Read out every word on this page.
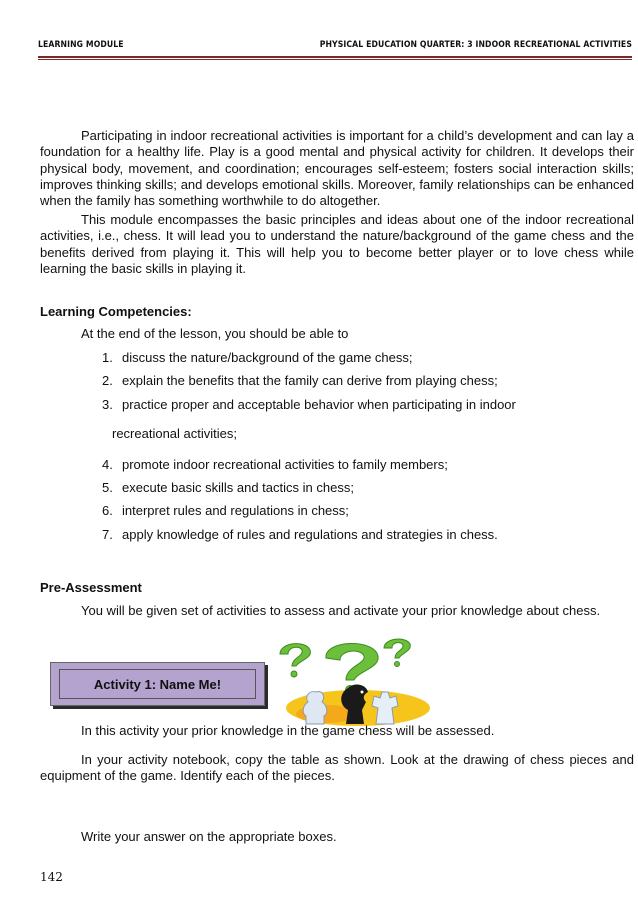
LEARNING MODULE	PHYSICAL EDUCATION QUARTER: 3 INDOOR RECREATIONAL ACTIVITIES

Participating in indoor recreational activities is important for a child’s development and can lay a foundation for a healthy life. Play is a good mental and physical activity for children. It develops their physical body, movement, and coordination; encourages self-esteem; fosters social interaction skills; improves thinking skills; and develops emotional skills. Moreover, family relationships can be enhanced when the family has something worthwhile to do altogether.

This module encompasses the basic principles and ideas about one of the indoor recreational activities, i.e., chess. It will lead you to understand the nature/background of the game chess and the benefits derived from playing it. This will help you to become better player or to love chess while learning the basic skills in playing it.

Learning Competencies:

At the end of the lesson, you should be able to

1. discuss the nature/background of the game chess;

2. explain the benefits that the family can derive from playing chess;

3. practice proper and acceptable behavior when participating in indoor

recreational activities;

4. promote indoor recreational activities to family members;

5. execute basic skills and tactics in chess;

6. interpret rules and regulations in chess;

7. apply knowledge of rules and regulations and strategies in chess.

Pre-Assessment

You will be given set of activities to assess and activate your prior knowledge about chess.

Activity 1: Name Me!

In this activity your prior knowledge in the game chess will be assessed.

In your activity notebook, copy the table as shown. Look at the drawing of chess pieces and equipment of the game. Identify each of the pieces.

Write your answer on the appropriate boxes.

142
